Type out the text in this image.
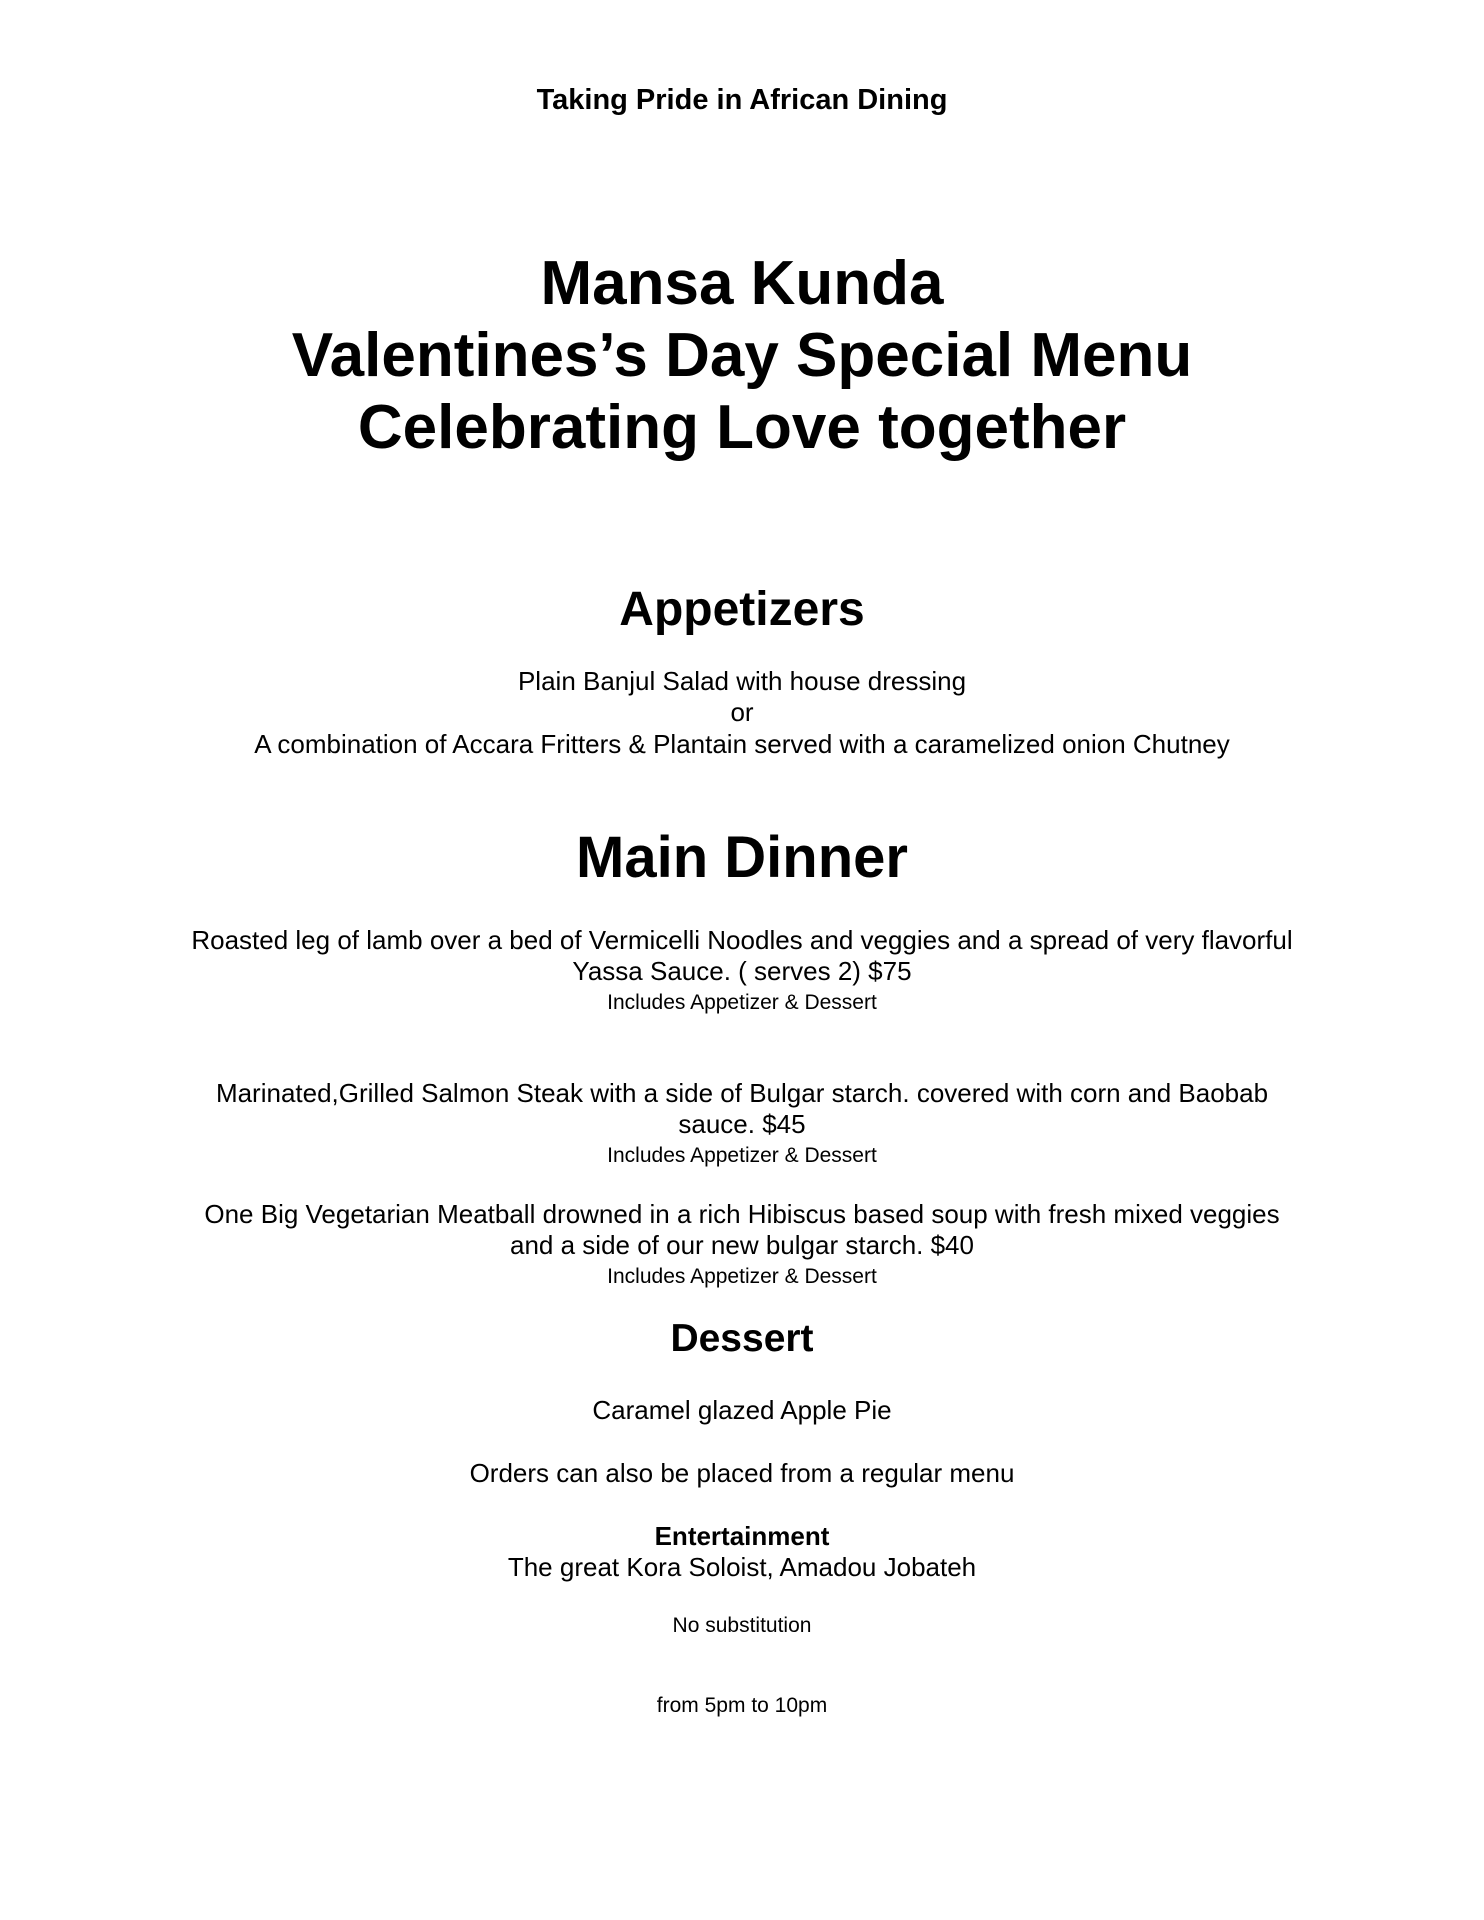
Taking Pride in African Dining
Mansa Kunda
Valentines’s Day Special Menu
Celebrating Love together
Appetizers
Plain Banjul Salad with house dressing
or
A combination of Accara Fritters & Plantain served with a caramelized onion Chutney
Main Dinner
Roasted leg of lamb over a bed of Vermicelli Noodles and veggies and a spread of very flavorful
Yassa Sauce. ( serves 2) $75
Includes Appetizer & Dessert
Marinated,Grilled Salmon Steak with a side of Bulgar starch. covered with corn and Baobab
sauce. $45
Includes Appetizer & Dessert
One Big Vegetarian Meatball drowned in a rich Hibiscus based soup with fresh mixed veggies
and a side of our new bulgar starch. $40
Includes Appetizer & Dessert
Dessert
Caramel glazed Apple Pie
Orders can also be placed from a regular menu
Entertainment
The great Kora Soloist, Amadou Jobateh
No substitution
from 5pm to 10pm
